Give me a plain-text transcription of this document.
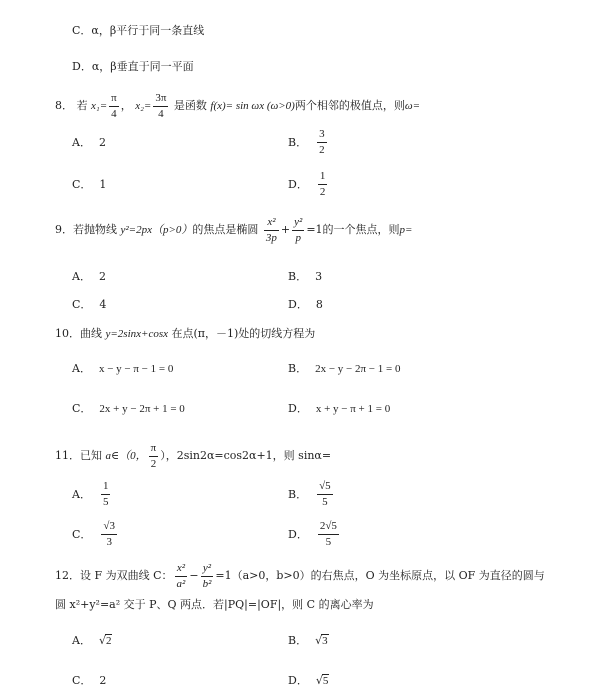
C．α，β平行于同一条直线
D．α，β垂直于同一平面
8． 若 $x_1= \frac{\pi}{4}$ ， $x_2= \frac{3\pi}{4}$ 是函数 f(x)= sin ωx (ω>0)两个相邻的极值点，则ω=
A． 2	B． $\frac{3}{2}$
C． 1	D． $\frac{1}{2}$
9．若抛物线 y²=2px（p>0）的焦点是椭圆 $\frac{\text{x²}}{3p} + \frac{\text{y²}}{p} =1$的一个焦点，则p=
A． 2	B． 3
C． 4	D． 8
10．曲线 y=2sinx+cosx 在点(π，－1)处的切线方程为
A． x − y − π − 1 = 0	B． 2x − y − 2π − 1 = 0
C． 2x + y − 2π + 1 = 0	D． x + y − π + 1 = 0
11．已知 a∈（0， $\frac{\pi}{2}$ ），2sin2α=cos2α+1，则 sinα=
A． $\frac{1}{5}$	B． $\frac{√5}{5}$
C． $\frac{√3}{3}$	D． $\frac{2√5}{5}$
12．设 F 为双曲线 C： $\frac{\text{x²}}{\text{a²}} - \frac{\text{y²}}{\text{b²}} =1(a>0$，b>0）的右焦点，O 为坐标原点，以 OF 为直径的圆与
圆 x²+y²=a² 交于 P、Q 两点．若|PQ|=|OF|，则 C 的离心率为
A． √2	B． √3
C． 2	D． √5
